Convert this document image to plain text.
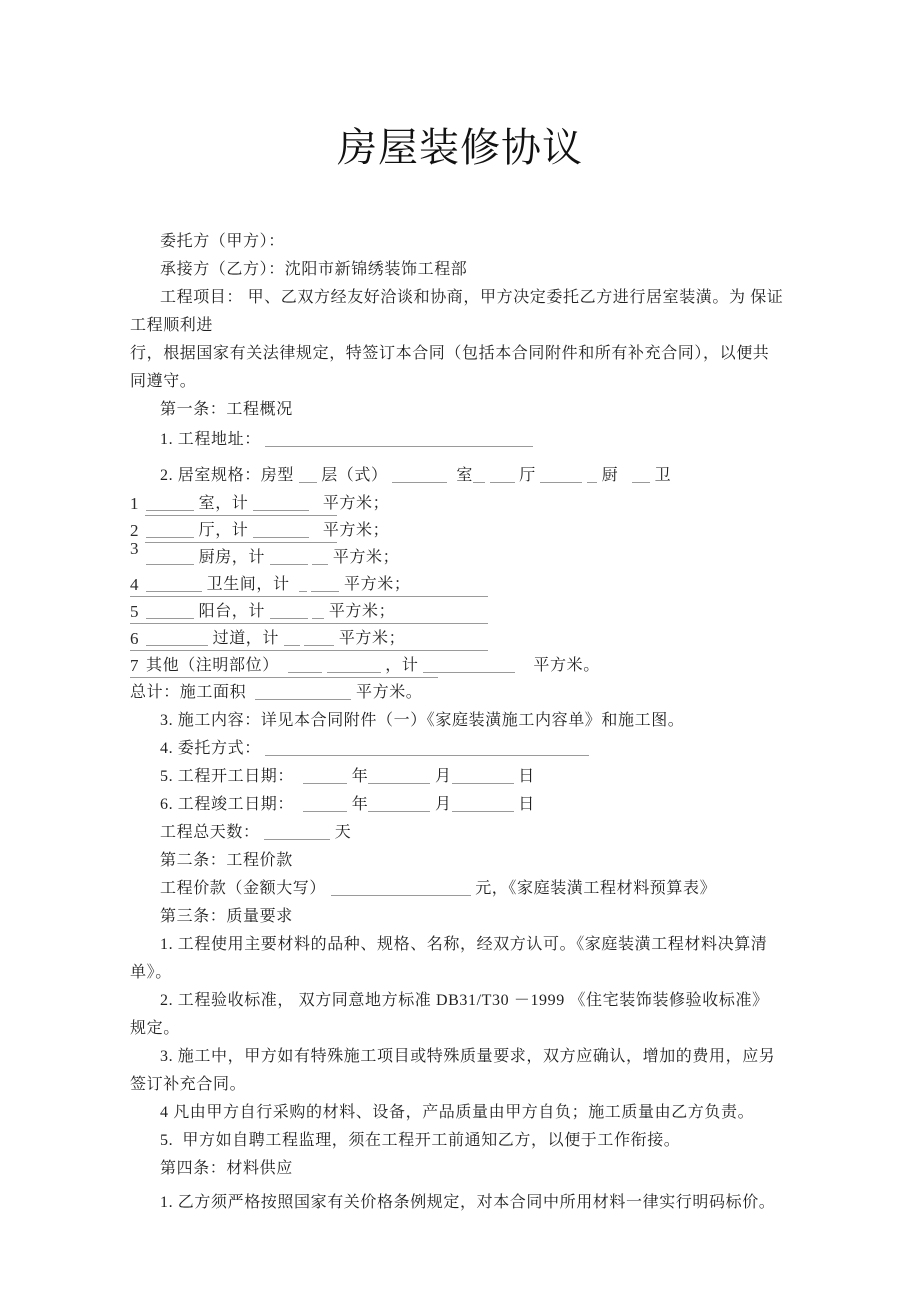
房屋装修协议
委托方（甲方）：
承接方（乙方）：沈阳市新锦绣装饰工程部
工程项目： 甲、乙双方经友好洽谈和协商，甲方决定委托乙方进行居室装潢。为 保证
工程顺利进
行，根据国家有关法律规定，特签订本合同（包括本合同附件和所有补充合同），以便共
同遵守。
第一条：工程概况
1. 工程地址：
2. 居室规格：房型  层（式）	室	厅	厨    卫
1	室，计	平方米；
2	厅，计	平方米；
3	厨房，计	平方米；
4	卫生间，计	平方米；
5	阳台，计	平方米；
6	过道，计	平方米；
7 其他（注明部位）	，计	平方米。
总计：施工面积	平方米。
3. 施工内容：详见本合同附件（一）《家庭装潢施工内容单》和施工图。
4. 委托方式：
5. 工程开工日期：	年	月	日
6. 工程竣工日期：	年	月	日
工程总天数：	天
第二条：工程价款
工程价款（金额大写）	元，《家庭装潢工程材料预算表》
第三条：质量要求
1. 工程使用主要材料的品种、规格、名称，经双方认可。《家庭装潢工程材料决算清
单》。
2. 工程验收标准， 双方同意地方标准 DB31/T30 －1999 《住宅装饰装修验收标准》
规定。
3. 施工中，甲方如有特殊施工项目或特殊质量要求，双方应确认，增加的费用，应另
签订补充合同。
4 凡由甲方自行采购的材料、设备，产品质量由甲方自负；施工质量由乙方负责。
5.  甲方如自聘工程监理，须在工程开工前通知乙方，以便于工作衔接。
第四条：材料供应
1. 乙方须严格按照国家有关价格条例规定，对本合同中所用材料一律实行明码标价。
